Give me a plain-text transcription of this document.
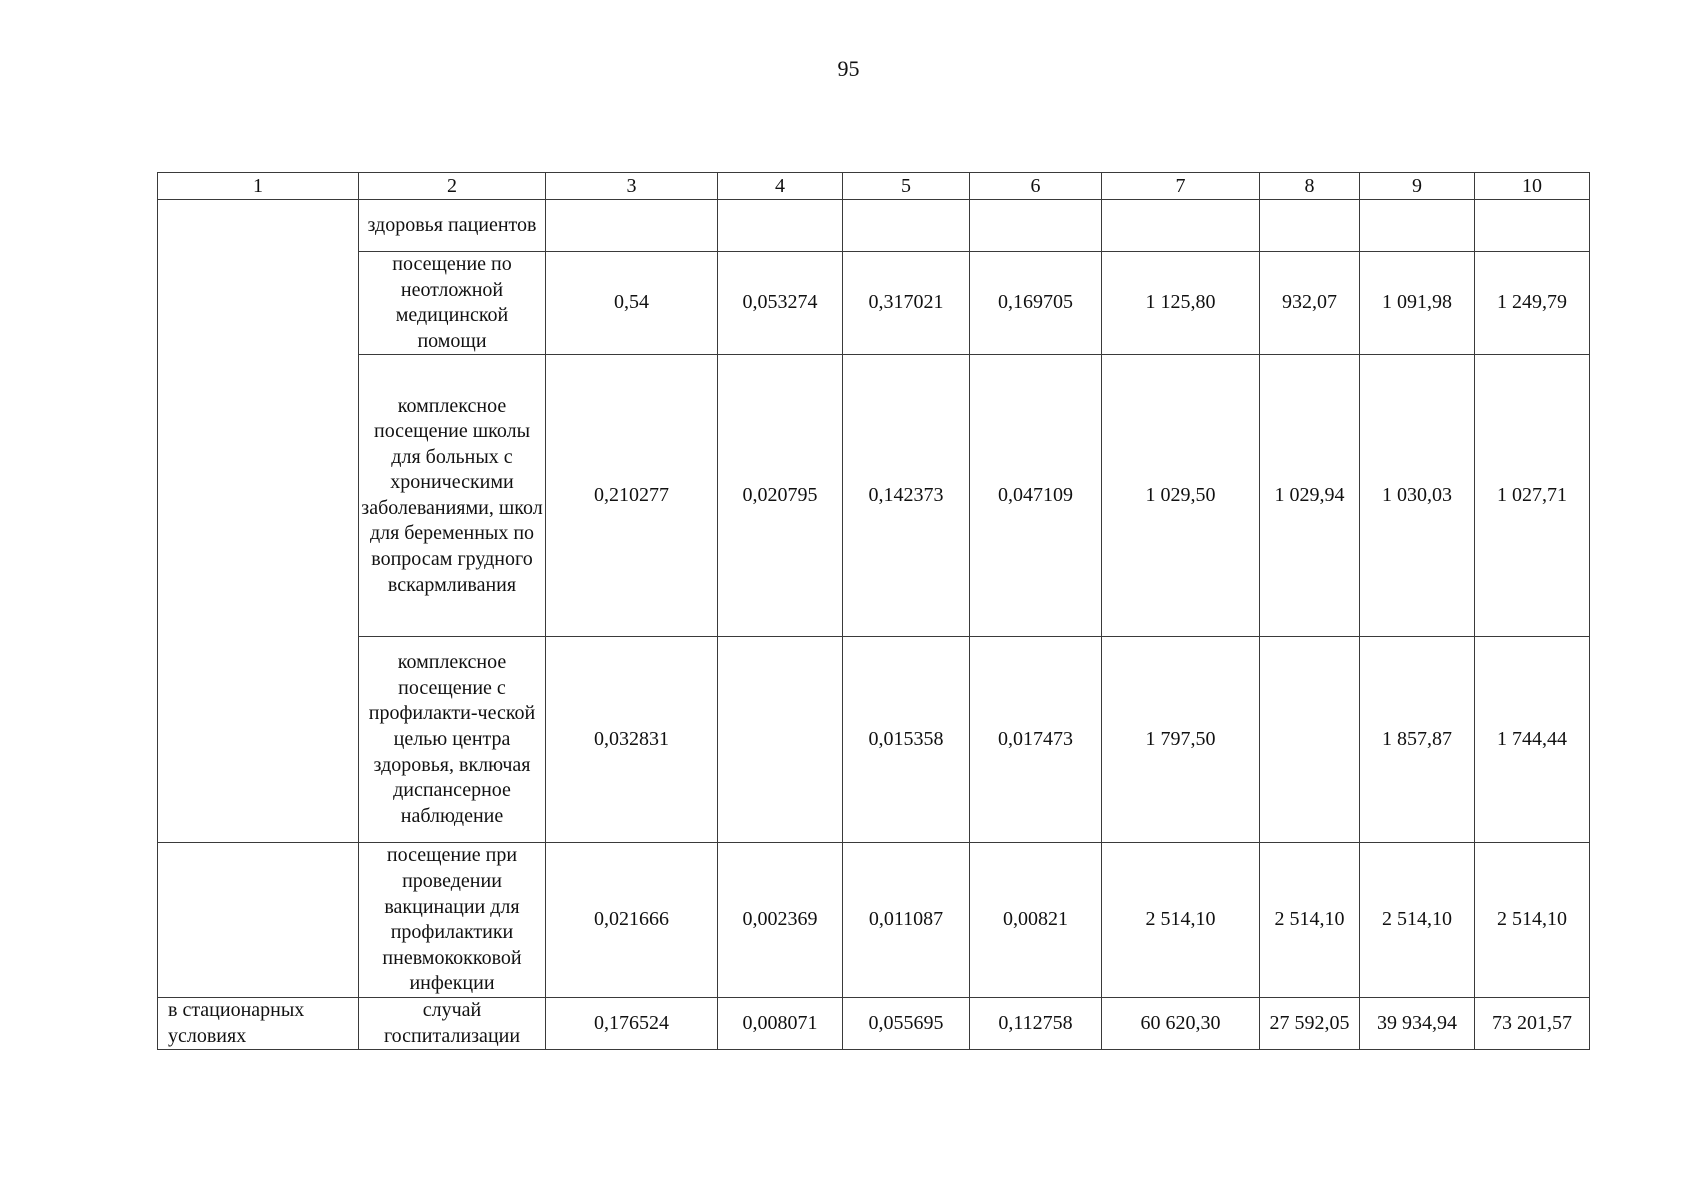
95
1	2	3	4	5	6	7	8	9	10
	здоровья пациентов								
	посещение по неотложной медицинской помощи	0,54	0,053274	0,317021	0,169705	1 125,80	932,07	1 091,98	1 249,79
	комплексное посещение школы для больных с хроническими заболеваниями, школ для беременных по вопросам грудного вскармливания	0,210277	0,020795	0,142373	0,047109	1 029,50	1 029,94	1 030,03	1 027,71
	комплексное посещение с профилакти-ческой целью центра здоровья, включая диспансерное наблюдение	0,032831		0,015358	0,017473	1 797,50		1 857,87	1 744,44
	посещение при проведении вакцинации для профилактики пневмококковой инфекции	0,021666	0,002369	0,011087	0,00821	2 514,10	2 514,10	2 514,10	2 514,10
в стационарных условиях	случай госпитализации	0,176524	0,008071	0,055695	0,112758	60 620,30	27 592,05	39 934,94	73 201,57
